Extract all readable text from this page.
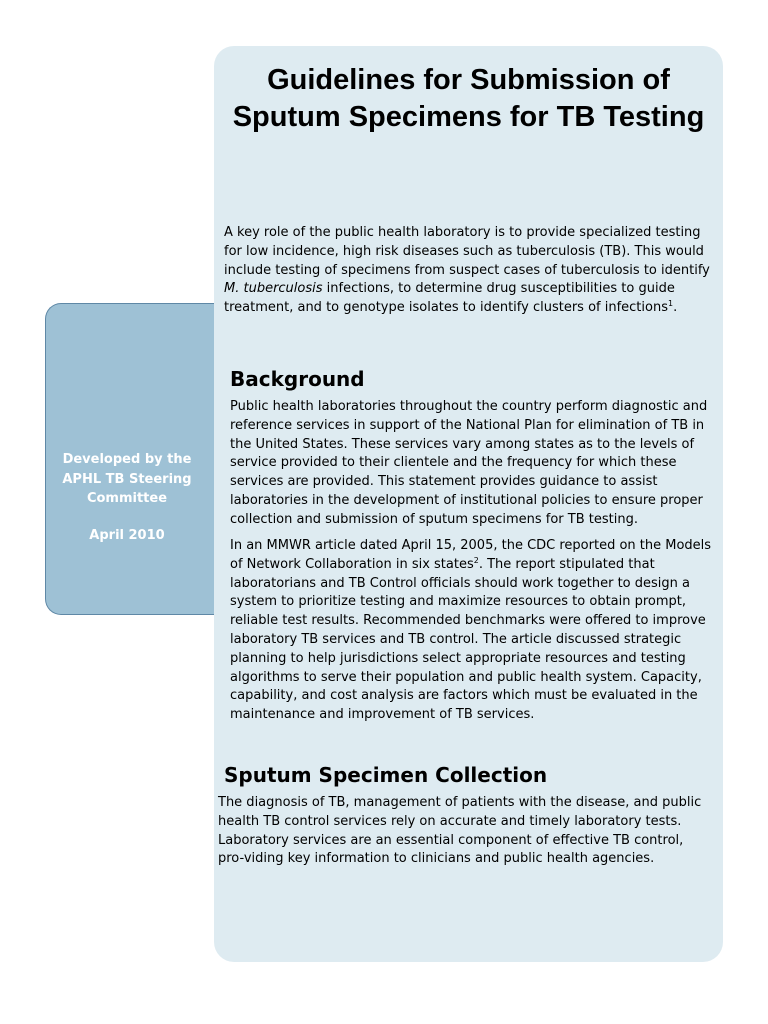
Developed by the APHL TB Steering Committee
April 2010
Guidelines for Submission of Sputum Specimens for TB Testing

A key role of the public health laboratory is to provide specialized testing for low incidence, high risk diseases such as tuberculosis (TB). This would include testing of specimens from suspect cases of tuberculosis to identify M. tuberculosis infections, to determine drug susceptibilities to guide treatment, and to genotype isolates to identify clusters of infections$^1$.

Background

Public health laboratories throughout the country perform diagnostic and reference services in support of the National Plan for elimination of TB in the United States. These services vary among states as to the levels of service provided to their clientele and the frequency for which these services are provided. This statement provides guidance to assist laboratories in the development of institutional policies to ensure proper collection and submission of sputum specimens for TB testing.

In an MMWR article dated April 15, 2005, the CDC reported on the Models of Network Collaboration in six states$^2$. The report stipulated that laboratorians and TB Control officials should work together to design a system to prioritize testing and maximize resources to obtain prompt, reliable test results. Recommended benchmarks were offered to improve laboratory TB services and TB control. The article discussed strategic planning to help jurisdictions select appropriate resources and testing algorithms to serve their population and public health system. Capacity, capability, and cost analysis are factors which must be evaluated in the maintenance and improvement of TB services.

Sputum Specimen Collection

The diagnosis of TB, management of patients with the disease, and public health TB control services rely on accurate and timely laboratory tests. Laboratory services are an essential component of effective TB control, pro-viding key information to clinicians and public health agencies.
